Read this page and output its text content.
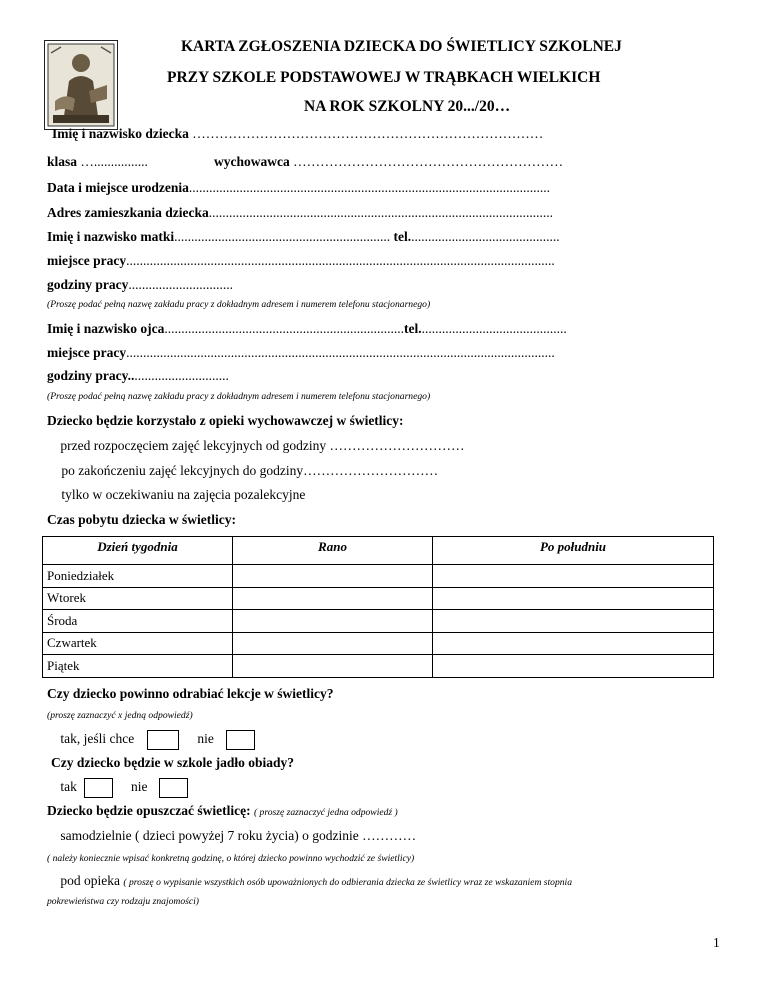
KARTA ZGŁOSZENIA DZIECKA DO ŚWIETLICY SZKOLNEJ
PRZY SZKOLE PODSTAWOWEJ W TRĄBKACH WIELKICH
NA ROK SZKOLNY 20.../20…
Imię i nazwisko dziecka ……………………………………………………………………
klasa …................	wychowawca ……………………………………………………
Data i miejsce urodzenia...........................................................................................................
Adres zamieszkania dziecka......................................................................................................
Imię i nazwisko matki................................................................ tel.............................................
miejsce pracy...............................................................................................................................
godziny pracy...............................
(Proszę podać pełną nazwę zakładu pracy z dokładnym adresem i numerem telefonu stacjonarnego)
Imię i nazwisko ojca.......................................................................tel............................................
miejsce pracy...............................................................................................................................
godziny pracy..............................
(Proszę podać pełną nazwę zakładu pracy z dokładnym adresem i numerem telefonu stacjonarnego)
Dziecko będzie korzystało z opieki wychowawczej w świetlicy:
przed rozpoczęciem zajęć lekcyjnych od godziny …………………………
po zakończeniu zajęć lekcyjnych do godziny…………………………
tylko w oczekiwaniu na zajęcia pozalekcyjne
Czas pobytu dziecka w świetlicy:
Dzień tygodnia	Rano	Po południu
Poniedziałek		
Wtorek		
Środa		
Czwartek		
Piątek		
Czy dziecko powinno odrabiać lekcje w świetlicy?
(proszę zaznaczyć x jedną odpowiedź)
tak, jeśli chce	nie
Czy dziecko będzie w szkole jadło obiady?
tak	nie
Dziecko będzie opuszczać świetlicę: ( proszę zaznaczyć jedna odpowiedź )
samodzielnie ( dzieci powyżej 7 roku życia) o godzinie …………
( należy koniecznie wpisać konkretną godzinę, o której dziecko powinno wychodzić ze świetlicy)
pod opieka ( proszę o wypisanie wszystkich osób upoważnionych do odbierania dziecka ze świetlicy wraz ze wskazaniem stopnia
pokrewieństwa czy rodzaju znajomości)
1
